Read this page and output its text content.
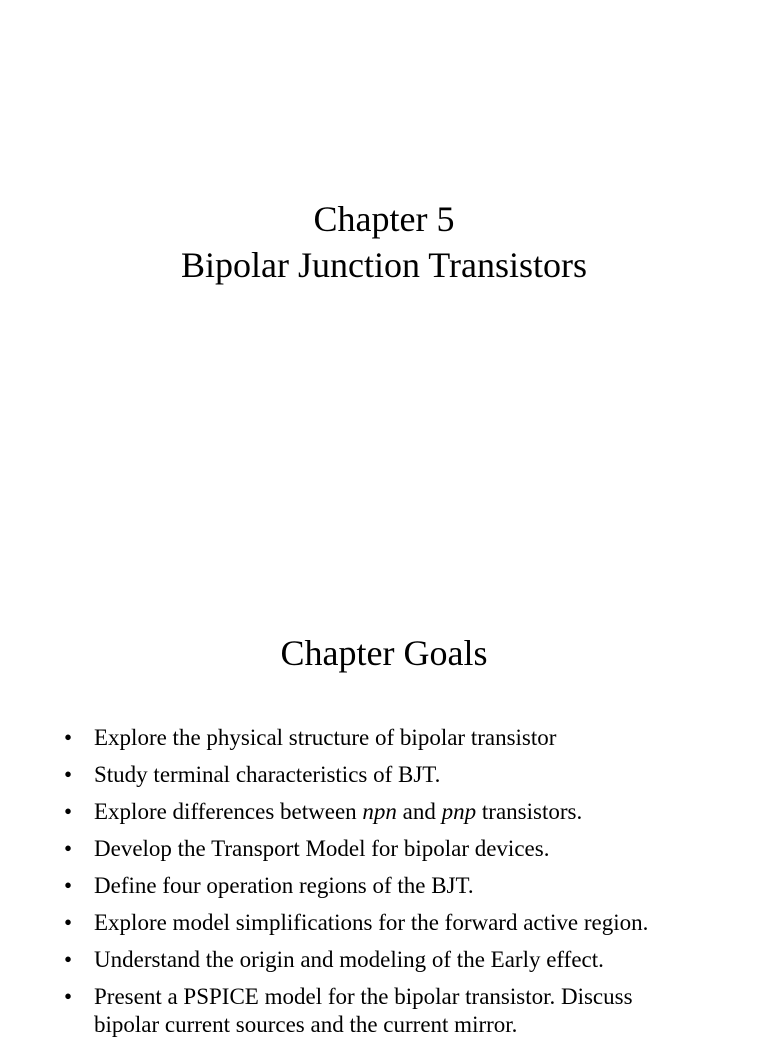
Chapter 5
Bipolar Junction Transistors
Chapter Goals
• Explore the physical structure of bipolar transistor
• Study terminal characteristics of BJT.
• Explore differences between npn and pnp transistors.
• Develop the Transport Model for bipolar devices.
• Define four operation regions of the BJT.
• Explore model simplifications for the forward active region.
• Understand the origin and modeling of the Early effect.
• Present a PSPICE model for the bipolar transistor. Discuss
bipolar current sources and the current mirror.
